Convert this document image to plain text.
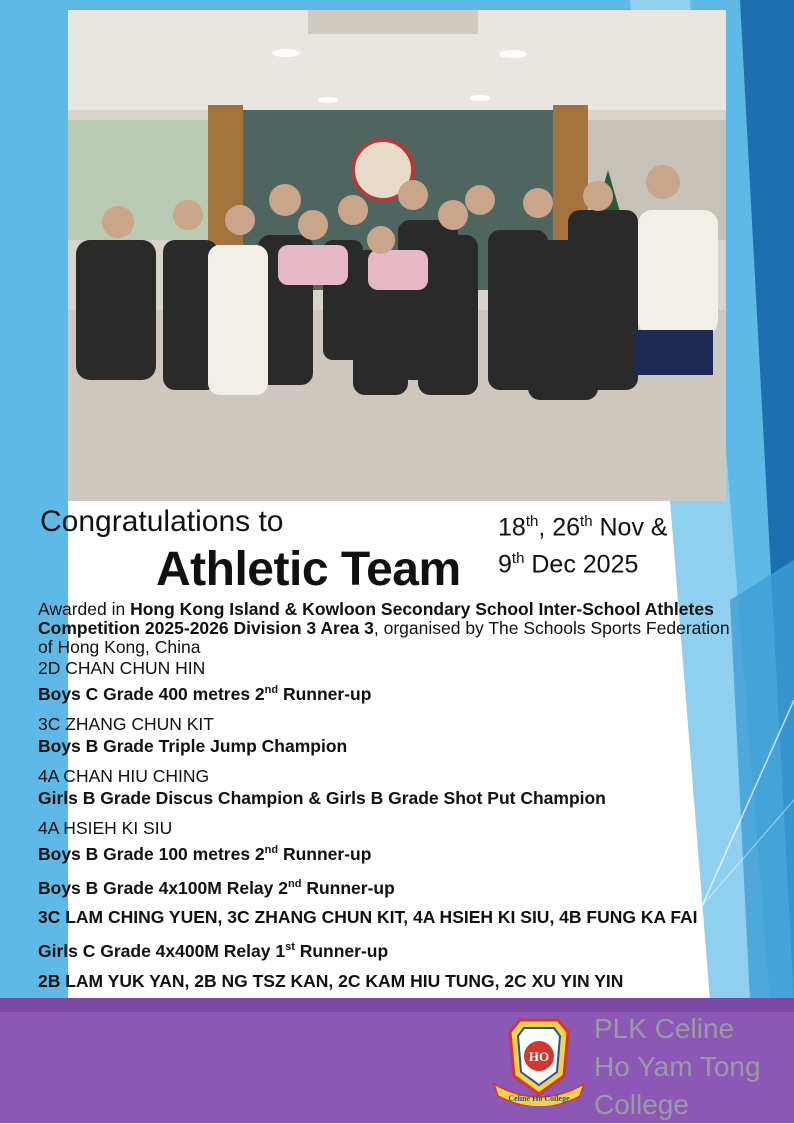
Congratulations to
Athletic Team
18th, 26th Nov &
9th Dec 2025

Awarded in Hong Kong Island & Kowloon Secondary School Inter-School Athletes Competition 2025-2026 Division 3 Area 3, organised by The Schools Sports Federation of Hong Kong, China

2D CHAN CHUN HIN

Boys C Grade 400 metres 2nd Runner-up

3C ZHANG CHUN KIT

Boys B Grade Triple Jump Champion

4A CHAN HIU CHING

Girls B Grade Discus Champion & Girls B Grade Shot Put Champion

4A HSIEH KI SIU

Boys B Grade 100 metres 2nd Runner-up

Boys B Grade 4x100M Relay 2nd Runner-up

3C LAM CHING YUEN, 3C ZHANG CHUN KIT, 4A HSIEH KI SIU, 4B FUNG KA FAI

Girls C Grade 4x400M Relay 1st Runner-up

2B LAM YUK YAN, 2B NG TSZ KAN, 2C KAM HIU TUNG, 2C XU YIN YIN

HO
Celine Ho College
PLK Celine
Ho Yam Tong
College
